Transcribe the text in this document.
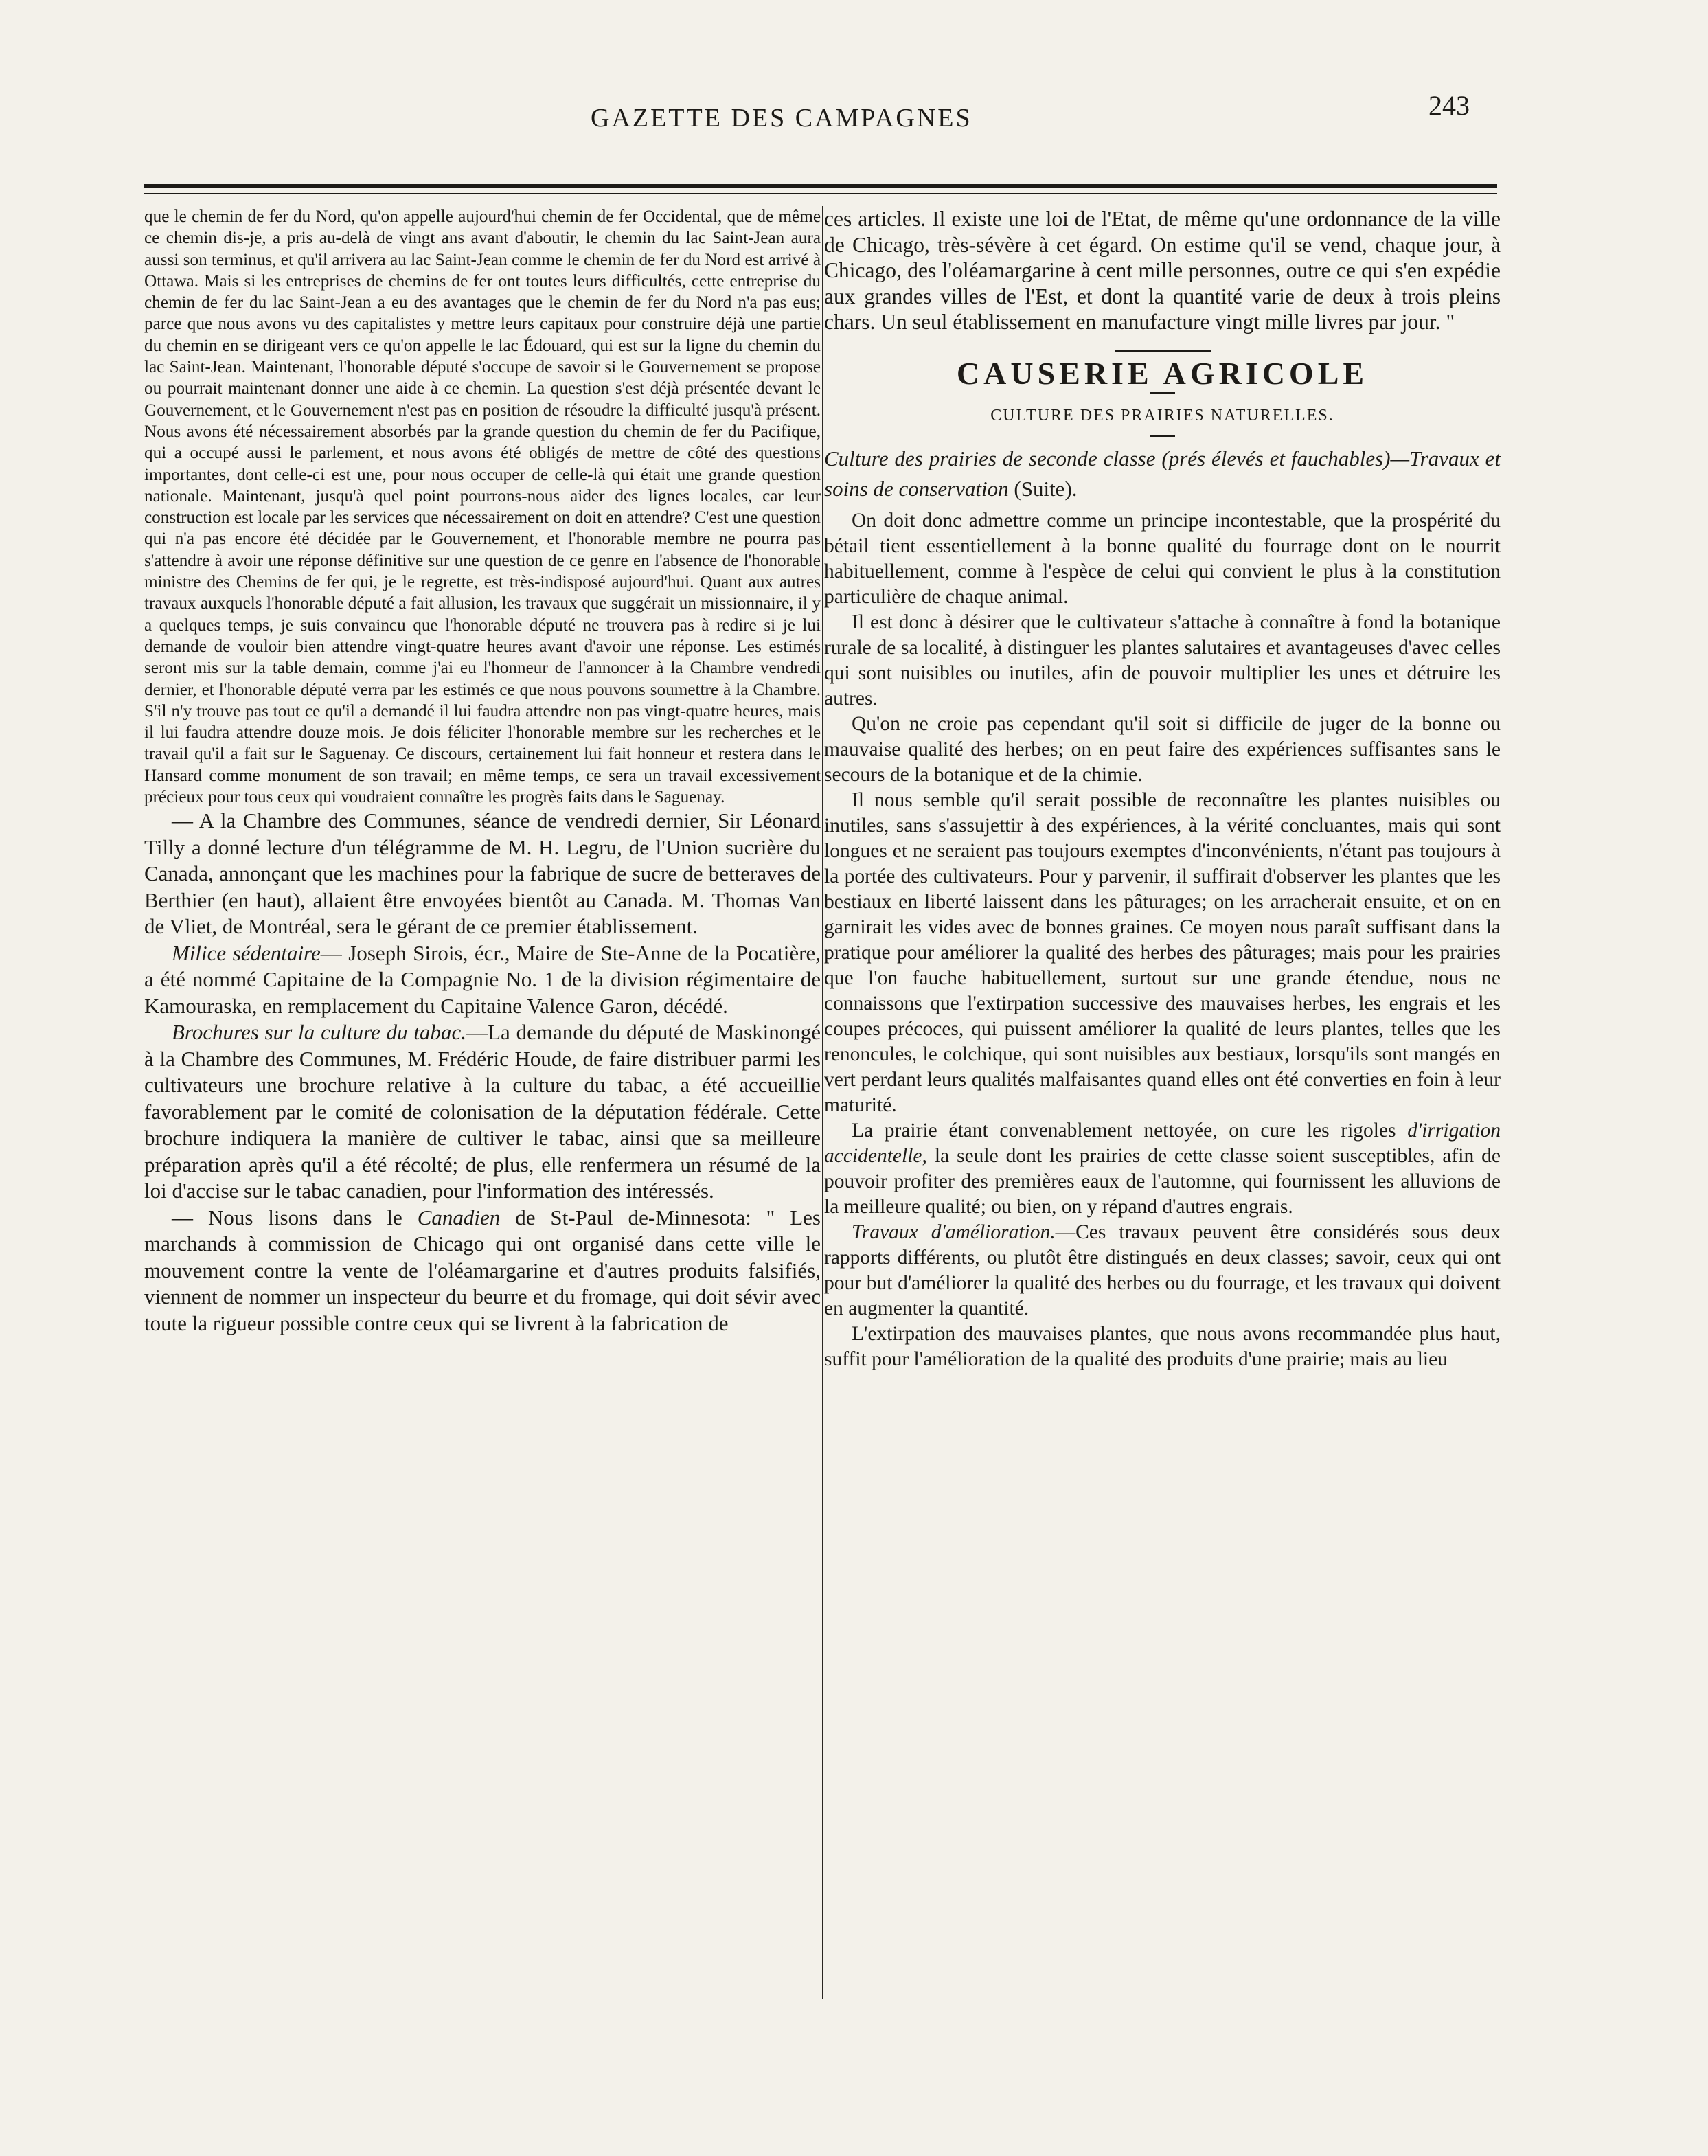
GAZETTE DES CAMPAGNES	243

que le chemin de fer du Nord, qu'on appelle aujourd'hui chemin de fer Occidental, que de même ce chemin dis-je, a pris au-delà de vingt ans avant d'aboutir, le chemin du lac Saint-Jean aura aussi son terminus, et qu'il arrivera au lac Saint-Jean comme le chemin de fer du Nord est arrivé à Ottawa. Mais si les entreprises de chemins de fer ont toutes leurs difficultés, cette entreprise du chemin de fer du lac Saint-Jean a eu des avantages que le chemin de fer du Nord n'a pas eus; parce que nous avons vu des capitalistes y mettre leurs capitaux pour construire déjà une partie du chemin en se dirigeant vers ce qu'on appelle le lac Édouard, qui est sur la ligne du chemin du lac Saint-Jean. Maintenant, l'honorable député s'occupe de savoir si le Gouvernement se propose ou pourrait maintenant donner une aide à ce chemin. La question s'est déjà présentée devant le Gouvernement, et le Gouvernement n'est pas en position de résoudre la difficulté jusqu'à présent. Nous avons été nécessairement absorbés par la grande question du chemin de fer du Pacifique, qui a occupé aussi le parlement, et nous avons été obligés de mettre de côté des questions importantes, dont celle-ci est une, pour nous occuper de celle-là qui était une grande question nationale. Maintenant, jusqu'à quel point pourrons-nous aider des lignes locales, car leur construction est locale par les services que nécessairement on doit en attendre? C'est une question qui n'a pas encore été décidée par le Gouvernement, et l'honorable membre ne pourra pas s'attendre à avoir une réponse définitive sur une question de ce genre en l'absence de l'honorable ministre des Chemins de fer qui, je le regrette, est très-indisposé aujourd'hui. Quant aux autres travaux auxquels l'honorable député a fait allusion, les travaux que suggérait un missionnaire, il y a quelques temps, je suis convaincu que l'honorable député ne trouvera pas à redire si je lui demande de vouloir bien attendre vingt-quatre heures avant d'avoir une réponse. Les estimés seront mis sur la table demain, comme j'ai eu l'honneur de l'annoncer à la Chambre vendredi dernier, et l'honorable député verra par les estimés ce que nous pouvons soumettre à la Chambre. S'il n'y trouve pas tout ce qu'il a demandé il lui faudra attendre non pas vingt-quatre heures, mais il lui faudra attendre douze mois. Je dois féliciter l'honorable membre sur les recherches et le travail qu'il a fait sur le Saguenay. Ce discours, certainement lui fait honneur et restera dans le Hansard comme monument de son travail; en même temps, ce sera un travail excessivement précieux pour tous ceux qui voudraient connaître les progrès faits dans le Saguenay.

— A la Chambre des Communes, séance de vendredi dernier, Sir Léonard Tilly a donné lecture d'un télégramme de M. H. Legru, de l'Union sucrière du Canada, annonçant que les machines pour la fabrique de sucre de betteraves de Berthier (en haut), allaient être envoyées bientôt au Canada. M. Thomas Van de Vliet, de Montréal, sera le gérant de ce premier établissement.

Milice sédentaire— Joseph Sirois, écr., Maire de Ste-Anne de la Pocatière, a été nommé Capitaine de la Compagnie No. 1 de la division régimentaire de Kamouraska, en remplacement du Capitaine Valence Garon, décédé.

Brochures sur la culture du tabac.—La demande du député de Maskinongé à la Chambre des Communes, M. Frédéric Houde, de faire distribuer parmi les cultivateurs une brochure relative à la culture du tabac, a été accueillie favorablement par le comité de colonisation de la députation fédérale. Cette brochure indiquera la manière de cultiver le tabac, ainsi que sa meilleure préparation après qu'il a été récolté; de plus, elle renfermera un résumé de la loi d'accise sur le tabac canadien, pour l'information des intéressés.

— Nous lisons dans le Canadien de St-Paul de-Minnesota: " Les marchands à commission de Chicago qui ont organisé dans cette ville le mouvement contre la vente de l'oléamargarine et d'autres produits falsifiés, viennent de nommer un inspecteur du beurre et du fromage, qui doit sévir avec toute la rigueur possible contre ceux qui se livrent à la fabrication de

ces articles. Il existe une loi de l'Etat, de même qu'une ordonnance de la ville de Chicago, très-sévère à cet égard. On estime qu'il se vend, chaque jour, à Chicago, des l'oléamargarine à cent mille personnes, outre ce qui s'en expédie aux grandes villes de l'Est, et dont la quantité varie de deux à trois pleins chars. Un seul établissement en manufacture vingt mille livres par jour. "

CAUSERIE AGRICOLE
CULTURE DES PRAIRIES NATURELLES.

Culture des prairies de seconde classe (prés élevés et fauchables)—Travaux et soins de conservation (Suite).

On doit donc admettre comme un principe incontestable, que la prospérité du bétail tient essentiellement à la bonne qualité du fourrage dont on le nourrit habituellement, comme à l'espèce de celui qui convient le plus à la constitution particulière de chaque animal.

Il est donc à désirer que le cultivateur s'attache à connaître à fond la botanique rurale de sa localité, à distinguer les plantes salutaires et avantageuses d'avec celles qui sont nuisibles ou inutiles, afin de pouvoir multiplier les unes et détruire les autres.

Qu'on ne croie pas cependant qu'il soit si difficile de juger de la bonne ou mauvaise qualité des herbes; on en peut faire des expériences suffisantes sans le secours de la botanique et de la chimie.

Il nous semble qu'il serait possible de reconnaître les plantes nuisibles ou inutiles, sans s'assujettir à des expériences, à la vérité concluantes, mais qui sont longues et ne seraient pas toujours exemptes d'inconvénients, n'étant pas toujours à la portée des cultivateurs. Pour y parvenir, il suffirait d'observer les plantes que les bestiaux en liberté laissent dans les pâturages; on les arracherait ensuite, et on en garnirait les vides avec de bonnes graines. Ce moyen nous paraît suffisant dans la pratique pour améliorer la qualité des herbes des pâturages; mais pour les prairies que l'on fauche habituellement, surtout sur une grande étendue, nous ne connaissons que l'extirpation successive des mauvaises herbes, les engrais et les coupes précoces, qui puissent améliorer la qualité de leurs plantes, telles que les renoncules, le colchique, qui sont nuisibles aux bestiaux, lorsqu'ils sont mangés en vert perdant leurs qualités malfaisantes quand elles ont été converties en foin à leur maturité.

La prairie étant convenablement nettoyée, on cure les rigoles d'irrigation accidentelle, la seule dont les prairies de cette classe soient susceptibles, afin de pouvoir profiter des premières eaux de l'automne, qui fournissent les alluvions de la meilleure qualité; ou bien, on y répand d'autres engrais.

Travaux d'amélioration.—Ces travaux peuvent être considérés sous deux rapports différents, ou plutôt être distingués en deux classes; savoir, ceux qui ont pour but d'améliorer la qualité des herbes ou du fourrage, et les travaux qui doivent en augmenter la quantité.

L'extirpation des mauvaises plantes, que nous avons recommandée plus haut, suffit pour l'amélioration de la qualité des produits d'une prairie; mais au lieu
